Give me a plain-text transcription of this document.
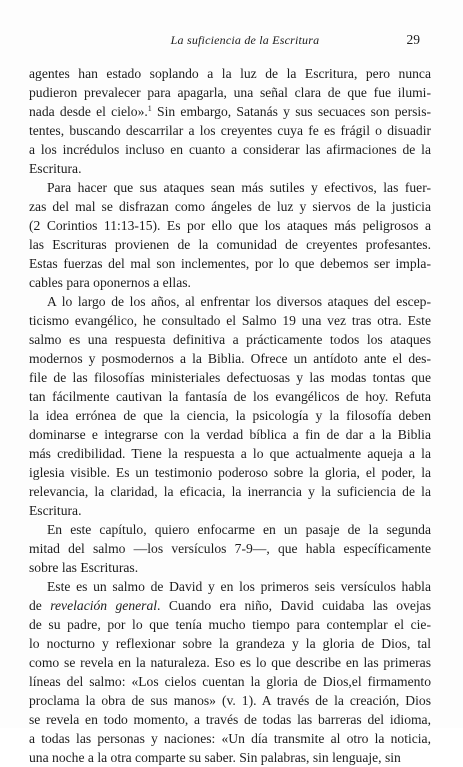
La suficiencia de la Escritura	29
agentes han estado soplando a la luz de la Escritura, pero nunca
pudieron prevalecer para apagarla, una señal clara de que fue ilumi-
nada desde el cielo».$^1$ Sin embargo, Satanás y sus secuaces son persis-
tentes, buscando descarrilar a los creyentes cuya fe es frágil o disuadir
a los incrédulos incluso en cuanto a considerar las afirmaciones de la
Escritura.
Para hacer que sus ataques sean más sutiles y efectivos, las fuer-
zas del mal se disfrazan como ángeles de luz y siervos de la justicia
(2 Corintios 11:13-15). Es por ello que los ataques más peligrosos a
las Escrituras provienen de la comunidad de creyentes profesantes.
Estas fuerzas del mal son inclementes, por lo que debemos ser impla-
cables para oponernos a ellas.
A lo largo de los años, al enfrentar los diversos ataques del escep-
ticismo evangélico, he consultado el Salmo 19 una vez tras otra. Este
salmo es una respuesta definitiva a prácticamente todos los ataques
modernos y posmodernos a la Biblia. Ofrece un antídoto ante el des-
file de las filosofías ministeriales defectuosas y las modas tontas que
tan fácilmente cautivan la fantasía de los evangélicos de hoy. Refuta
la idea errónea de que la ciencia, la psicología y la filosofía deben
dominarse e integrarse con la verdad bíblica a fin de dar a la Biblia
más credibilidad. Tiene la respuesta a lo que actualmente aqueja a la
iglesia visible. Es un testimonio poderoso sobre la gloria, el poder, la
relevancia, la claridad, la eficacia, la inerrancia y la suficiencia de la
Escritura.
En este capítulo, quiero enfocarme en un pasaje de la segunda
mitad del salmo —los versículos 7-9—, que habla específicamente
sobre las Escrituras.
Este es un salmo de David y en los primeros seis versículos habla
de revelación general. Cuando era niño, David cuidaba las ovejas
de su padre, por lo que tenía mucho tiempo para contemplar el cie-
lo nocturno y reflexionar sobre la grandeza y la gloria de Dios, tal
como se revela en la naturaleza. Eso es lo que describe en las primeras
líneas del salmo: «Los cielos cuentan la gloria de Dios,el firmamento
proclama la obra de sus manos» (v. 1). A través de la creación, Dios
se revela en todo momento, a través de todas las barreras del idioma,
a todas las personas y naciones: «Un día transmite al otro la noticia,
una noche a la otra comparte su saber. Sin palabras, sin lenguaje, sin
